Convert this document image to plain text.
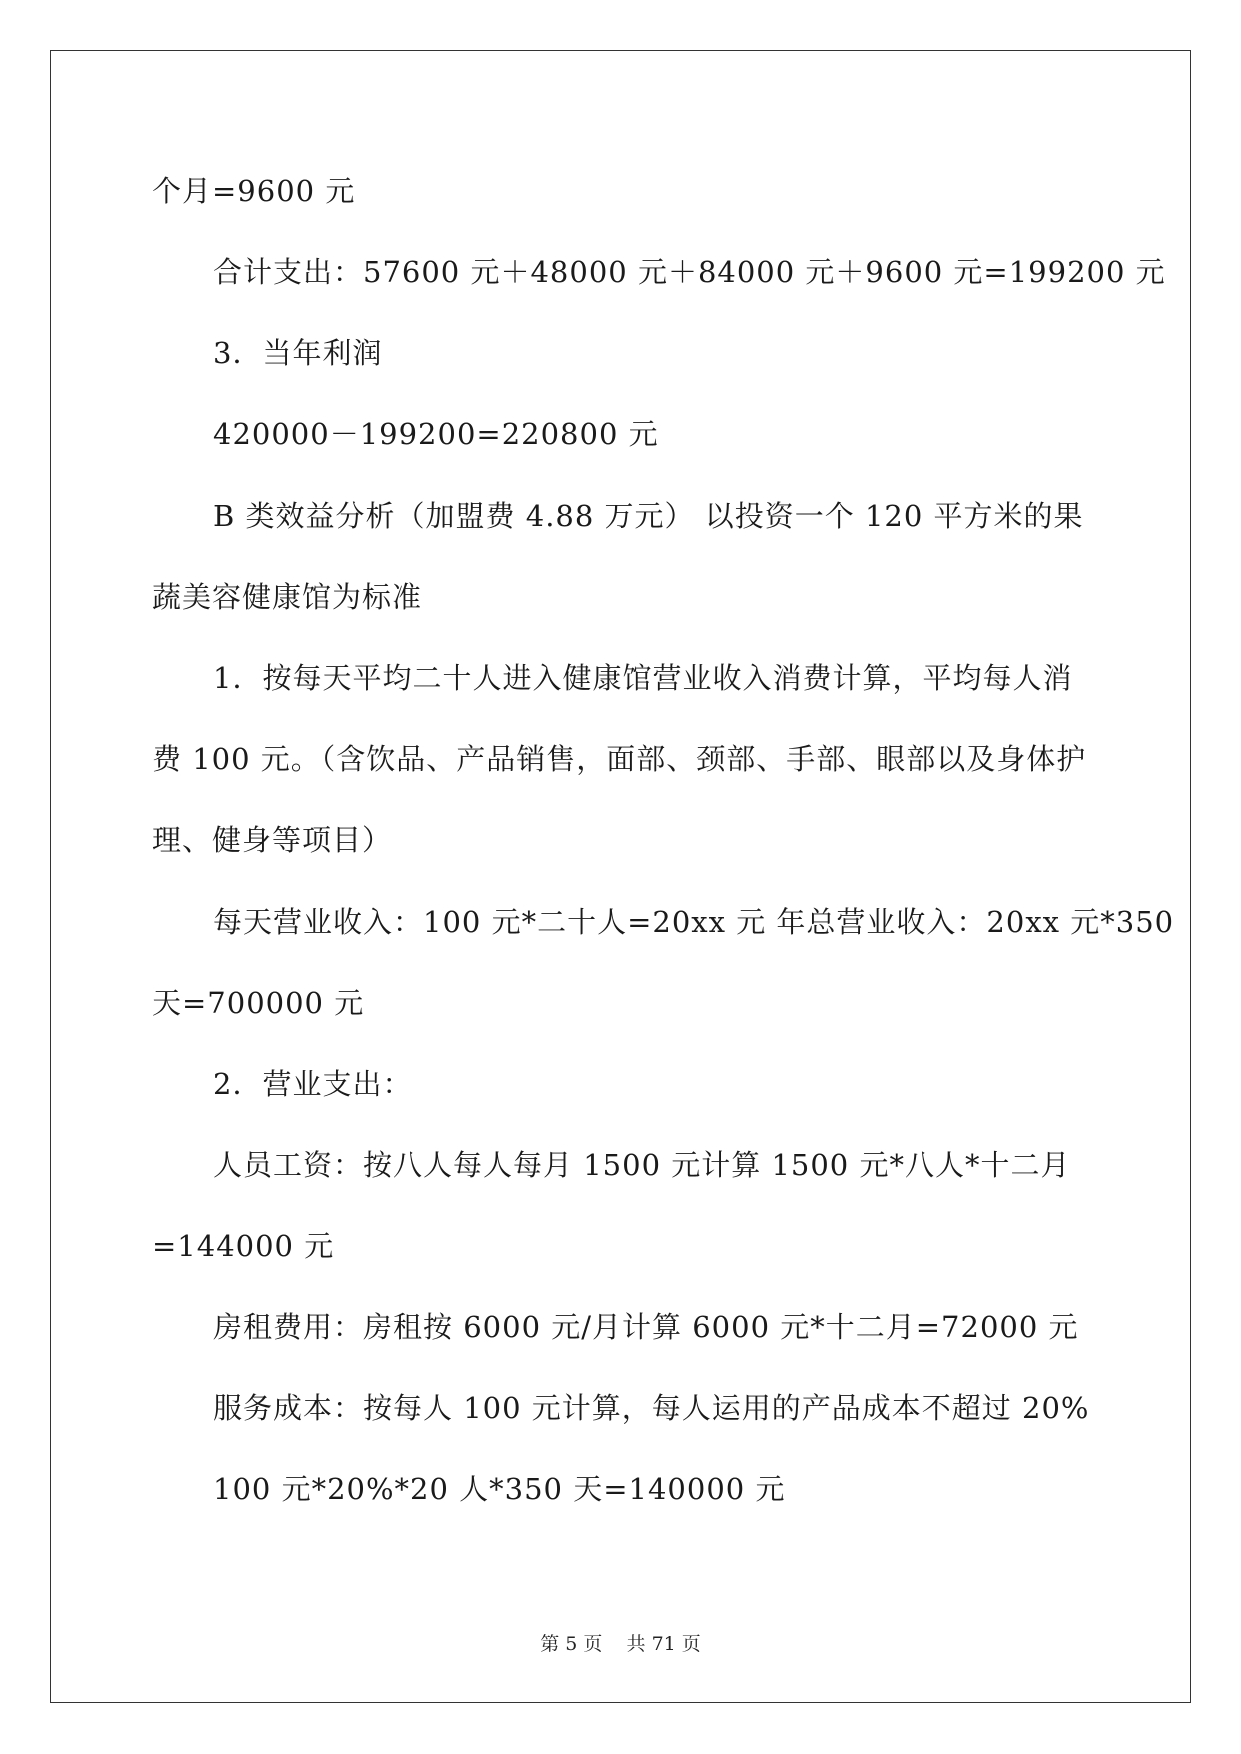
个月=9600 元
合计支出：57600 元＋48000 元＋84000 元＋9600 元=199200 元
3．当年利润
420000－199200=220800 元
B 类效益分析（加盟费 4.88 万元） 以投资一个 120 平方米的果
蔬美容健康馆为标准
1．按每天平均二十人进入健康馆营业收入消费计算，平均每人消
费 100 元。（含饮品、产品销售，面部、颈部、手部、眼部以及身体护
理、健身等项目）
每天营业收入：100 元*二十人=20xx 元 年总营业收入：20xx 元*350
天=700000 元
2．营业支出：
人员工资：按八人每人每月 1500 元计算 1500 元*八人*十二月
=144000 元
房租费用：房租按 6000 元/月计算 6000 元*十二月=72000 元
服务成本：按每人 100 元计算，每人运用的产品成本不超过 20%
100 元*20%*20 人*350 天=140000 元
第 5 页 共 71 页
